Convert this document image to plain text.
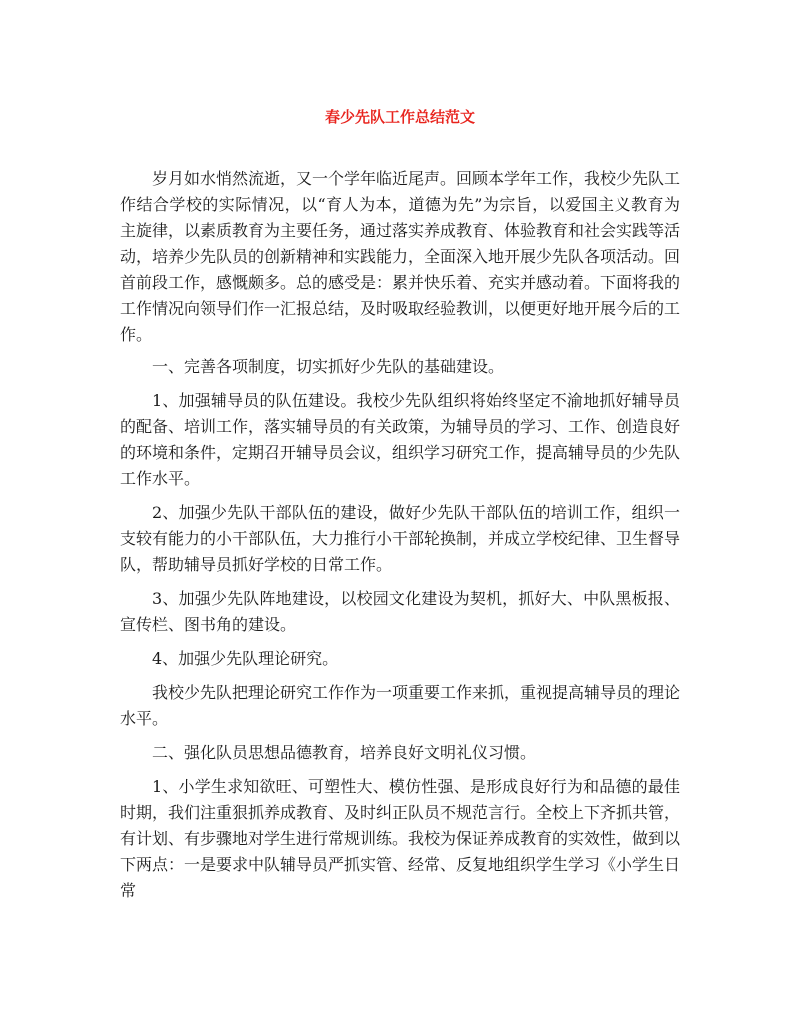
春少先队工作总结范文

岁月如水悄然流逝，又一个学年临近尾声。回顾本学年工作，我校少先队工作结合学校的实际情况，以“育人为本，道德为先”为宗旨，以爱国主义教育为主旋律，以素质教育为主要任务，通过落实养成教育、体验教育和社会实践等活动，培养少先队员的创新精神和实践能力，全面深入地开展少先队各项活动。回首前段工作，感慨颇多。总的感受是：累并快乐着、充实并感动着。下面将我的工作情况向领导们作一汇报总结，及时吸取经验教训，以便更好地开展今后的工作。

一、完善各项制度，切实抓好少先队的基础建设。

1、加强辅导员的队伍建设。我校少先队组织将始终坚定不渝地抓好辅导员的配备、培训工作，落实辅导员的有关政策，为辅导员的学习、工作、创造良好的环境和条件，定期召开辅导员会议，组织学习研究工作，提高辅导员的少先队工作水平。

2、加强少先队干部队伍的建设，做好少先队干部队伍的培训工作，组织一支较有能力的小干部队伍，大力推行小干部轮换制，并成立学校纪律、卫生督导队，帮助辅导员抓好学校的日常工作。

3、加强少先队阵地建设，以校园文化建设为契机，抓好大、中队黑板报、宣传栏、图书角的建设。

4、加强少先队理论研究。

我校少先队把理论研究工作作为一项重要工作来抓，重视提高辅导员的理论水平。

二、强化队员思想品德教育，培养良好文明礼仪习惯。

1、小学生求知欲旺、可塑性大、模仿性强、是形成良好行为和品德的最佳时期，我们注重狠抓养成教育、及时纠正队员不规范言行。全校上下齐抓共管，有计划、有步骤地对学生进行常规训练。我校为保证养成教育的实效性，做到以下两点：一是要求中队辅导员严抓实管、经常、反复地组织学生学习《小学生日常
